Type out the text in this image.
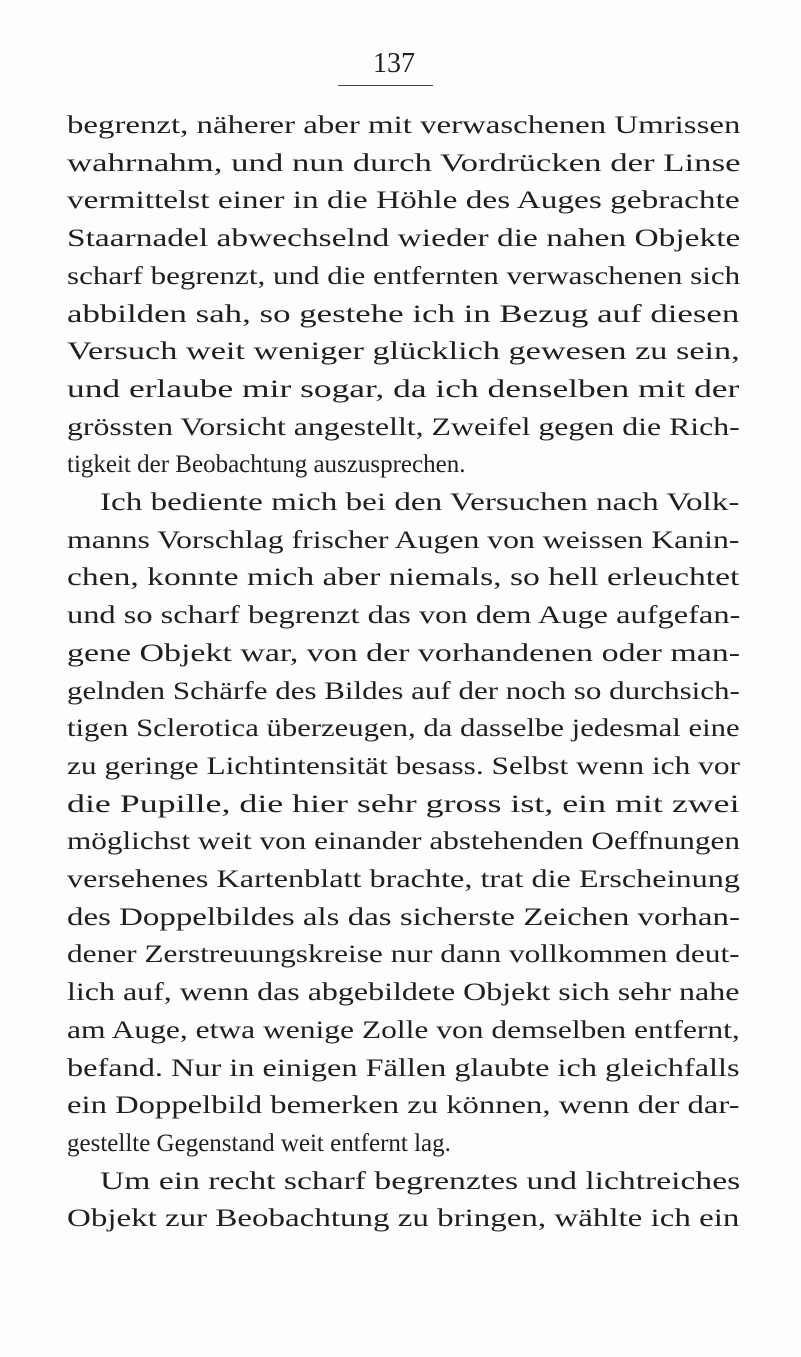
137
begrenzt, näherer aber mit verwaschenen Umrissen
wahrnahm, und nun durch Vordrücken der Linse
vermittelst einer in die Höhle des Auges gebrachte
Staarnadel abwechselnd wieder die nahen Objekte
scharf begrenzt, und die entfernten verwaschenen sich
abbilden sah, so gestehe ich in Bezug auf diesen
Versuch weit weniger glücklich gewesen zu sein,
und erlaube mir sogar, da ich denselben mit der
grössten Vorsicht angestellt, Zweifel gegen die Rich-
tigkeit der Beobachtung auszusprechen.
Ich bediente mich bei den Versuchen nach Volk-
manns Vorschlag frischer Augen von weissen Kanin-
chen, konnte mich aber niemals, so hell erleuchtet
und so scharf begrenzt das von dem Auge aufgefan-
gene Objekt war, von der vorhandenen oder man-
gelnden Schärfe des Bildes auf der noch so durchsich-
tigen Sclerotica überzeugen, da dasselbe jedesmal eine
zu geringe Lichtintensität besass. Selbst wenn ich vor
die Pupille, die hier sehr gross ist, ein mit zwei
möglichst weit von einander abstehenden Oeffnungen
versehenes Kartenblatt brachte, trat die Erscheinung
des Doppelbildes als das sicherste Zeichen vorhan-
dener Zerstreuungskreise nur dann vollkommen deut-
lich auf, wenn das abgebildete Objekt sich sehr nahe
am Auge, etwa wenige Zolle von demselben entfernt,
befand. Nur in einigen Fällen glaubte ich gleichfalls
ein Doppelbild bemerken zu können, wenn der dar-
gestellte Gegenstand weit entfernt lag.
Um ein recht scharf begrenztes und lichtreiches
Objekt zur Beobachtung zu bringen, wählte ich ein
